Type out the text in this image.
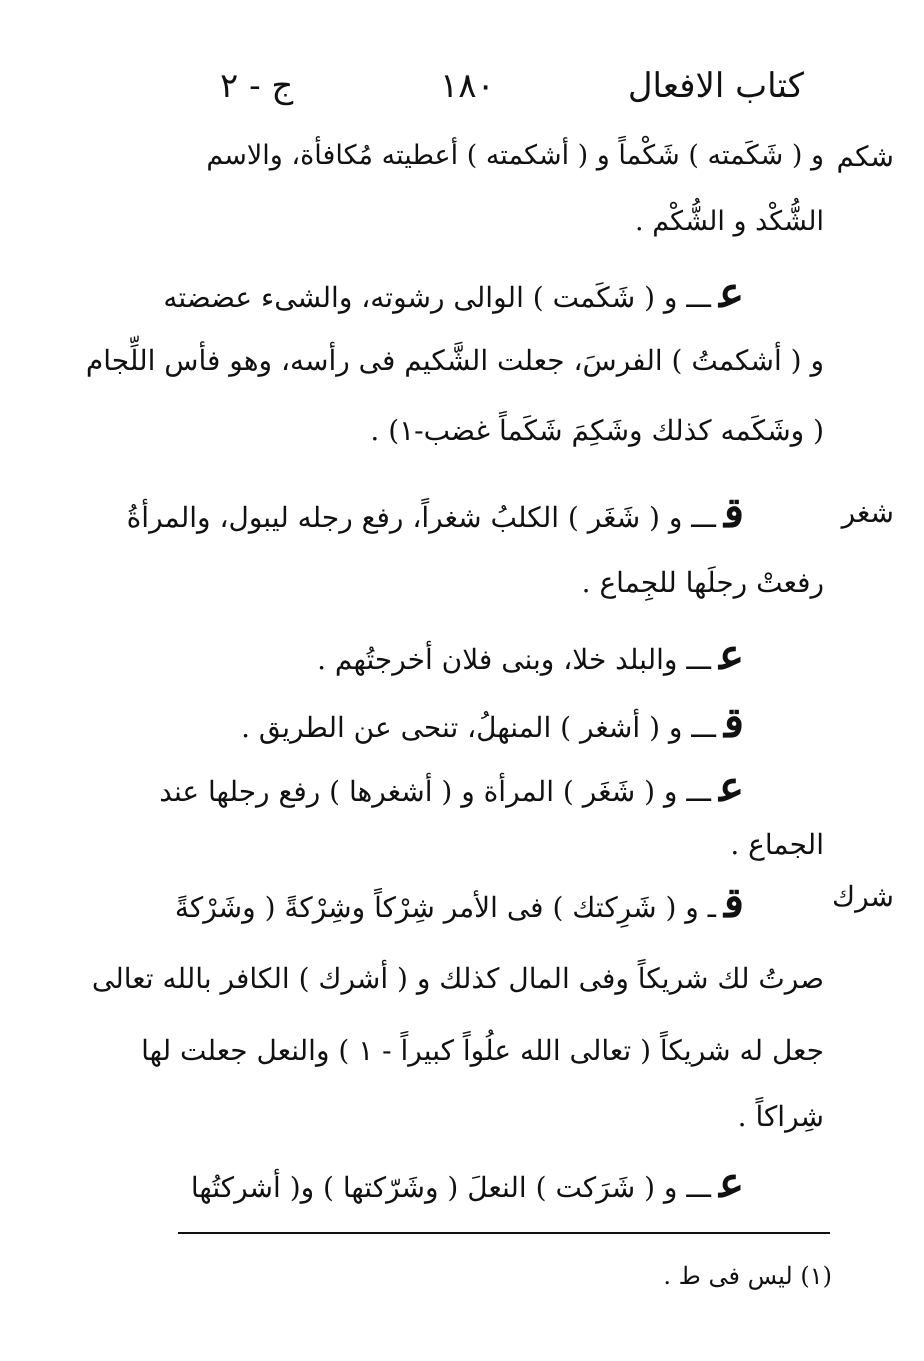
كتاب الافعال
١٨٠
ج - ٢
شكم
شغر
شرك
و ( شَكَمته ) شَكْماً و ( أشكمته ) أعطيته مُكافأة، والاسم
الشُّكْد و الشُّكْم .
عـــ و ( شَكَمت ) الوالى رشوته، والشىء عضضته
و ( أشكمتُ ) الفرسَ، جعلت الشَّكيم فى رأسه، وهو فأس اللِّجام
( وشَكَمه كذلك وشَكِمَ شَكَماً غضب-١) .
قـــ و ( شَغَر ) الكلبُ شغراً، رفع رجله ليبول، والمرأةُ
رفعتْ رجلَها للجِماع .
عـــ والبلد خلا، وبنى فلان أخرجتُهم .
قـــ و ( أشغر ) المنهلُ، تنحى عن الطريق .
عـــ و ( شَغَر ) المرأة و ( أشغرها ) رفع رجلها عند
الجماع .
قـ و ( شَرِكتك ) فى الأمر شِرْكاً وشِرْكةً ( وشَرْكةً
صرتُ لك شريكاً وفى المال كذلك و ( أشرك ) الكافر بالله تعالى
جعل له شريكاً ( تعالى الله علُواً كبيراً - ١ ) والنعل جعلت لها
شِراكاً .
عـــ و ( شَرَكت ) النعلَ ( وشَرّكتها ) و( أشركتُها
(١) ليس فى ط .
